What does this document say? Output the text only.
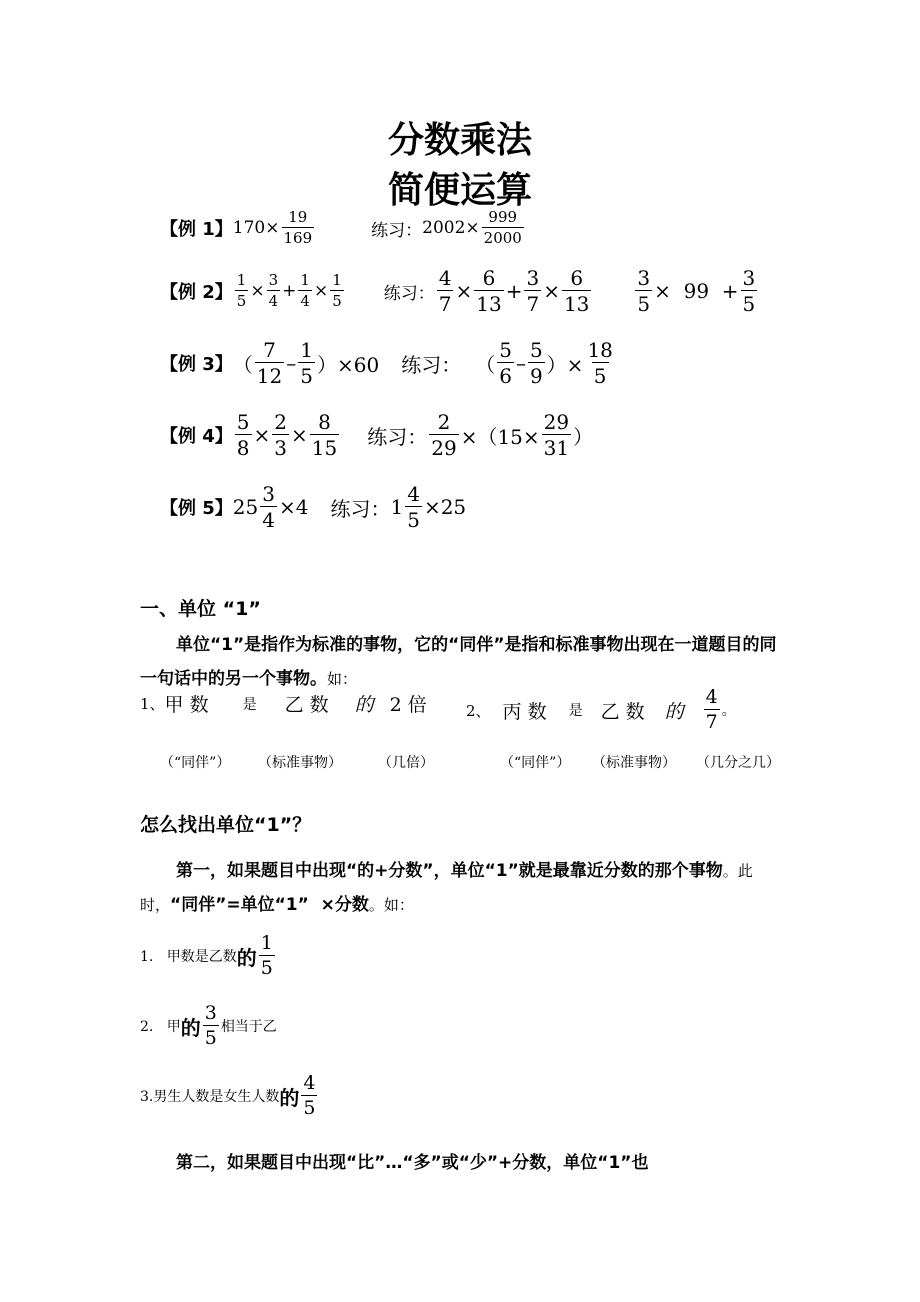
分数乘法
简便运算
【例 1】 $170\times \frac{19}{169}$	练习： $2002\times \frac{999}{2000}$
【例 2】 $\frac{1}{5} \times \frac{3}{4} + \frac{1}{4} \times \frac{1}{5}$ 练习： $\frac{4}{7} \times \frac{6}{13} + \frac{3}{7} \times \frac{6}{13} \frac{3}{5} \times 99 + \frac{3}{5}$
【例 3】 （ $\frac{7}{12} - \frac{1}{5} )\times 60$ 练习： （ $\frac{5}{6} - \frac{5}{9}$ ）× $\frac{18}{5}$
【例 4】 $\frac{5}{8} \times \frac{2}{3} \times \frac{8}{15}$ 练习： $\frac{2}{29} \times(15\times \frac{29}{31}$ ）
【例 5】 $25 \frac{3}{4} \times 4$ 练习： $1 \frac{4}{5} \times 25$
一、单位 “1”
单位“1”是指作为标准的事物，它的“同伴”是指和标准事物出现在一道题目的同一句话中的另一个事物。如：
1、 甲 数 是 乙 数 的 2 倍	2、 丙 数 是 乙 数 的 $\frac{4}{7}$ 。
（“同伴”） （标准事物）	（几倍）	（“同伴”） （标准事物） （几分之几）
怎么找出单位“1”？
第一，如果题目中出现“的+分数”，单位“1”就是最靠近分数的那个事物。此时，“同伴”=单位“1”  ×分数。如：
1.   甲数是乙数 的 $\frac{1}{5}$
2.   甲 的 $\frac{3}{5}$ 相当于乙
3.男生人数是女生人数 的 $\frac{4}{5}$
第二，如果题目中出现“比”…“多”或“少”+分数，单位“1”也
